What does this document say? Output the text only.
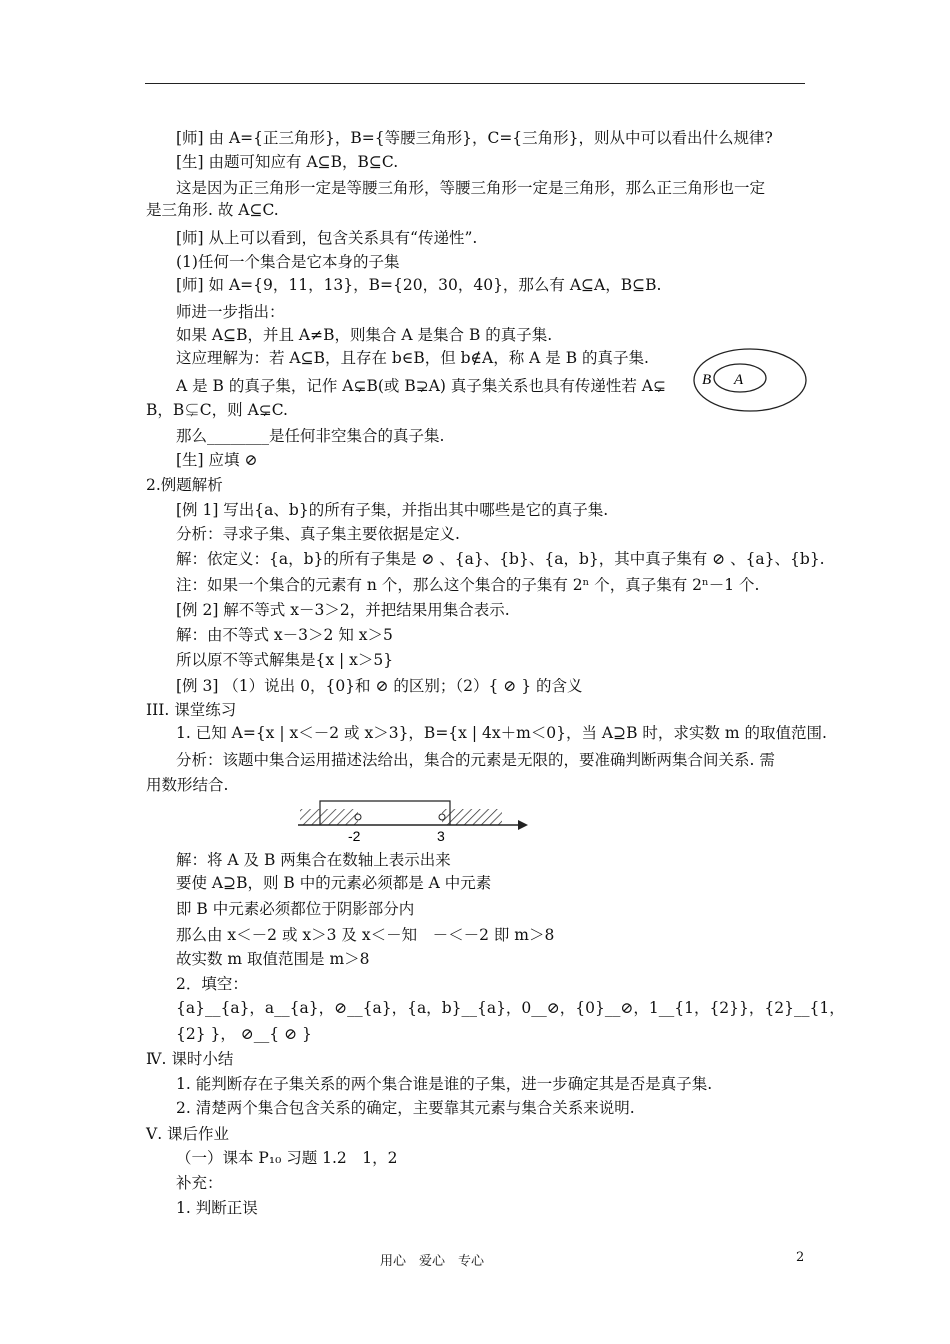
[师] 由 A={正三角形}，B={等腰三角形}，C={三角形}，则从中可以看出什么规律?
[生] 由题可知应有 A⊆B，B⊆C.
这是因为正三角形一定是等腰三角形，等腰三角形一定是三角形，那么正三角形也一定
是三角形. 故 A⊆C.
[师] 从上可以看到，包含关系具有“传递性”.
(1)任何一个集合是它本身的子集
[师] 如 A={9，11，13}，B={20，30，40}，那么有 A⊆A，B⊆B.
师进一步指出：
如果 A⊆B，并且 A≠B，则集合 A 是集合 B 的真子集.
这应理解为：若 A⊆B，且存在 b∈B，但 b∉A，称 A 是 B 的真子集.
A 是 B 的真子集，记作 A⊊B(或 B⊋A) 真子集关系也具有传递性若 A⊊
B，B⊊C，则 A⊊C.
那么________是任何非空集合的真子集.
[生] 应填 ⊘
2.例题解析
[例 1] 写出{a、b}的所有子集，并指出其中哪些是它的真子集.
分析：寻求子集、真子集主要依据是定义.
解：依定义：{a，b}的所有子集是 ⊘ 、{a}、{b}、{a，b}，其中真子集有 ⊘ 、{a}、{b}.
注：如果一个集合的元素有 n 个，那么这个集合的子集有 2ⁿ 个，真子集有 2ⁿ－1 个.
[例 2] 解不等式 x－3＞2，并把结果用集合表示.
解：由不等式 x－3＞2 知 x＞5
所以原不等式解集是{x | x＞5}
[例 3] （1）说出 0，{0}和 ⊘ 的区别；（2）{ ⊘ } 的含义
III. 课堂练习
1. 已知 A={x | x＜－2 或 x＞3}，B={x | 4x＋m＜0}，当 A⊇B 时，求实数 m 的取值范围.
分析：该题中集合运用描述法给出，集合的元素是无限的，要准确判断两集合间关系. 需
用数形结合.
解：将 A 及 B 两集合在数轴上表示出来
要使 A⊇B，则 B 中的元素必须都是 A 中元素
即 B 中元素必须都位于阴影部分内
那么由 x＜－2 或 x＞3 及 x＜－知　－＜－2 即 m＞8
故实数 m 取值范围是 m＞8
2．填空：
{a}__{a}，a__{a}，⊘__{a}，{a，b}__{a}，0__⊘，{0}__⊘，1__{1，{2}}，{2}__{1，
{2} }， ⊘__{ ⊘ }
Ⅳ. 课时小结
1. 能判断存在子集关系的两个集合谁是谁的子集，进一步确定其是否是真子集.
2. 清楚两个集合包含关系的确定，主要靠其元素与集合关系来说明.
Ⅴ. 课后作业
（一）课本 P₁₀ 习题 1.2　1，2
补充：
1. 判断正误
B A
-2	3
用心　爱心　专心	2
